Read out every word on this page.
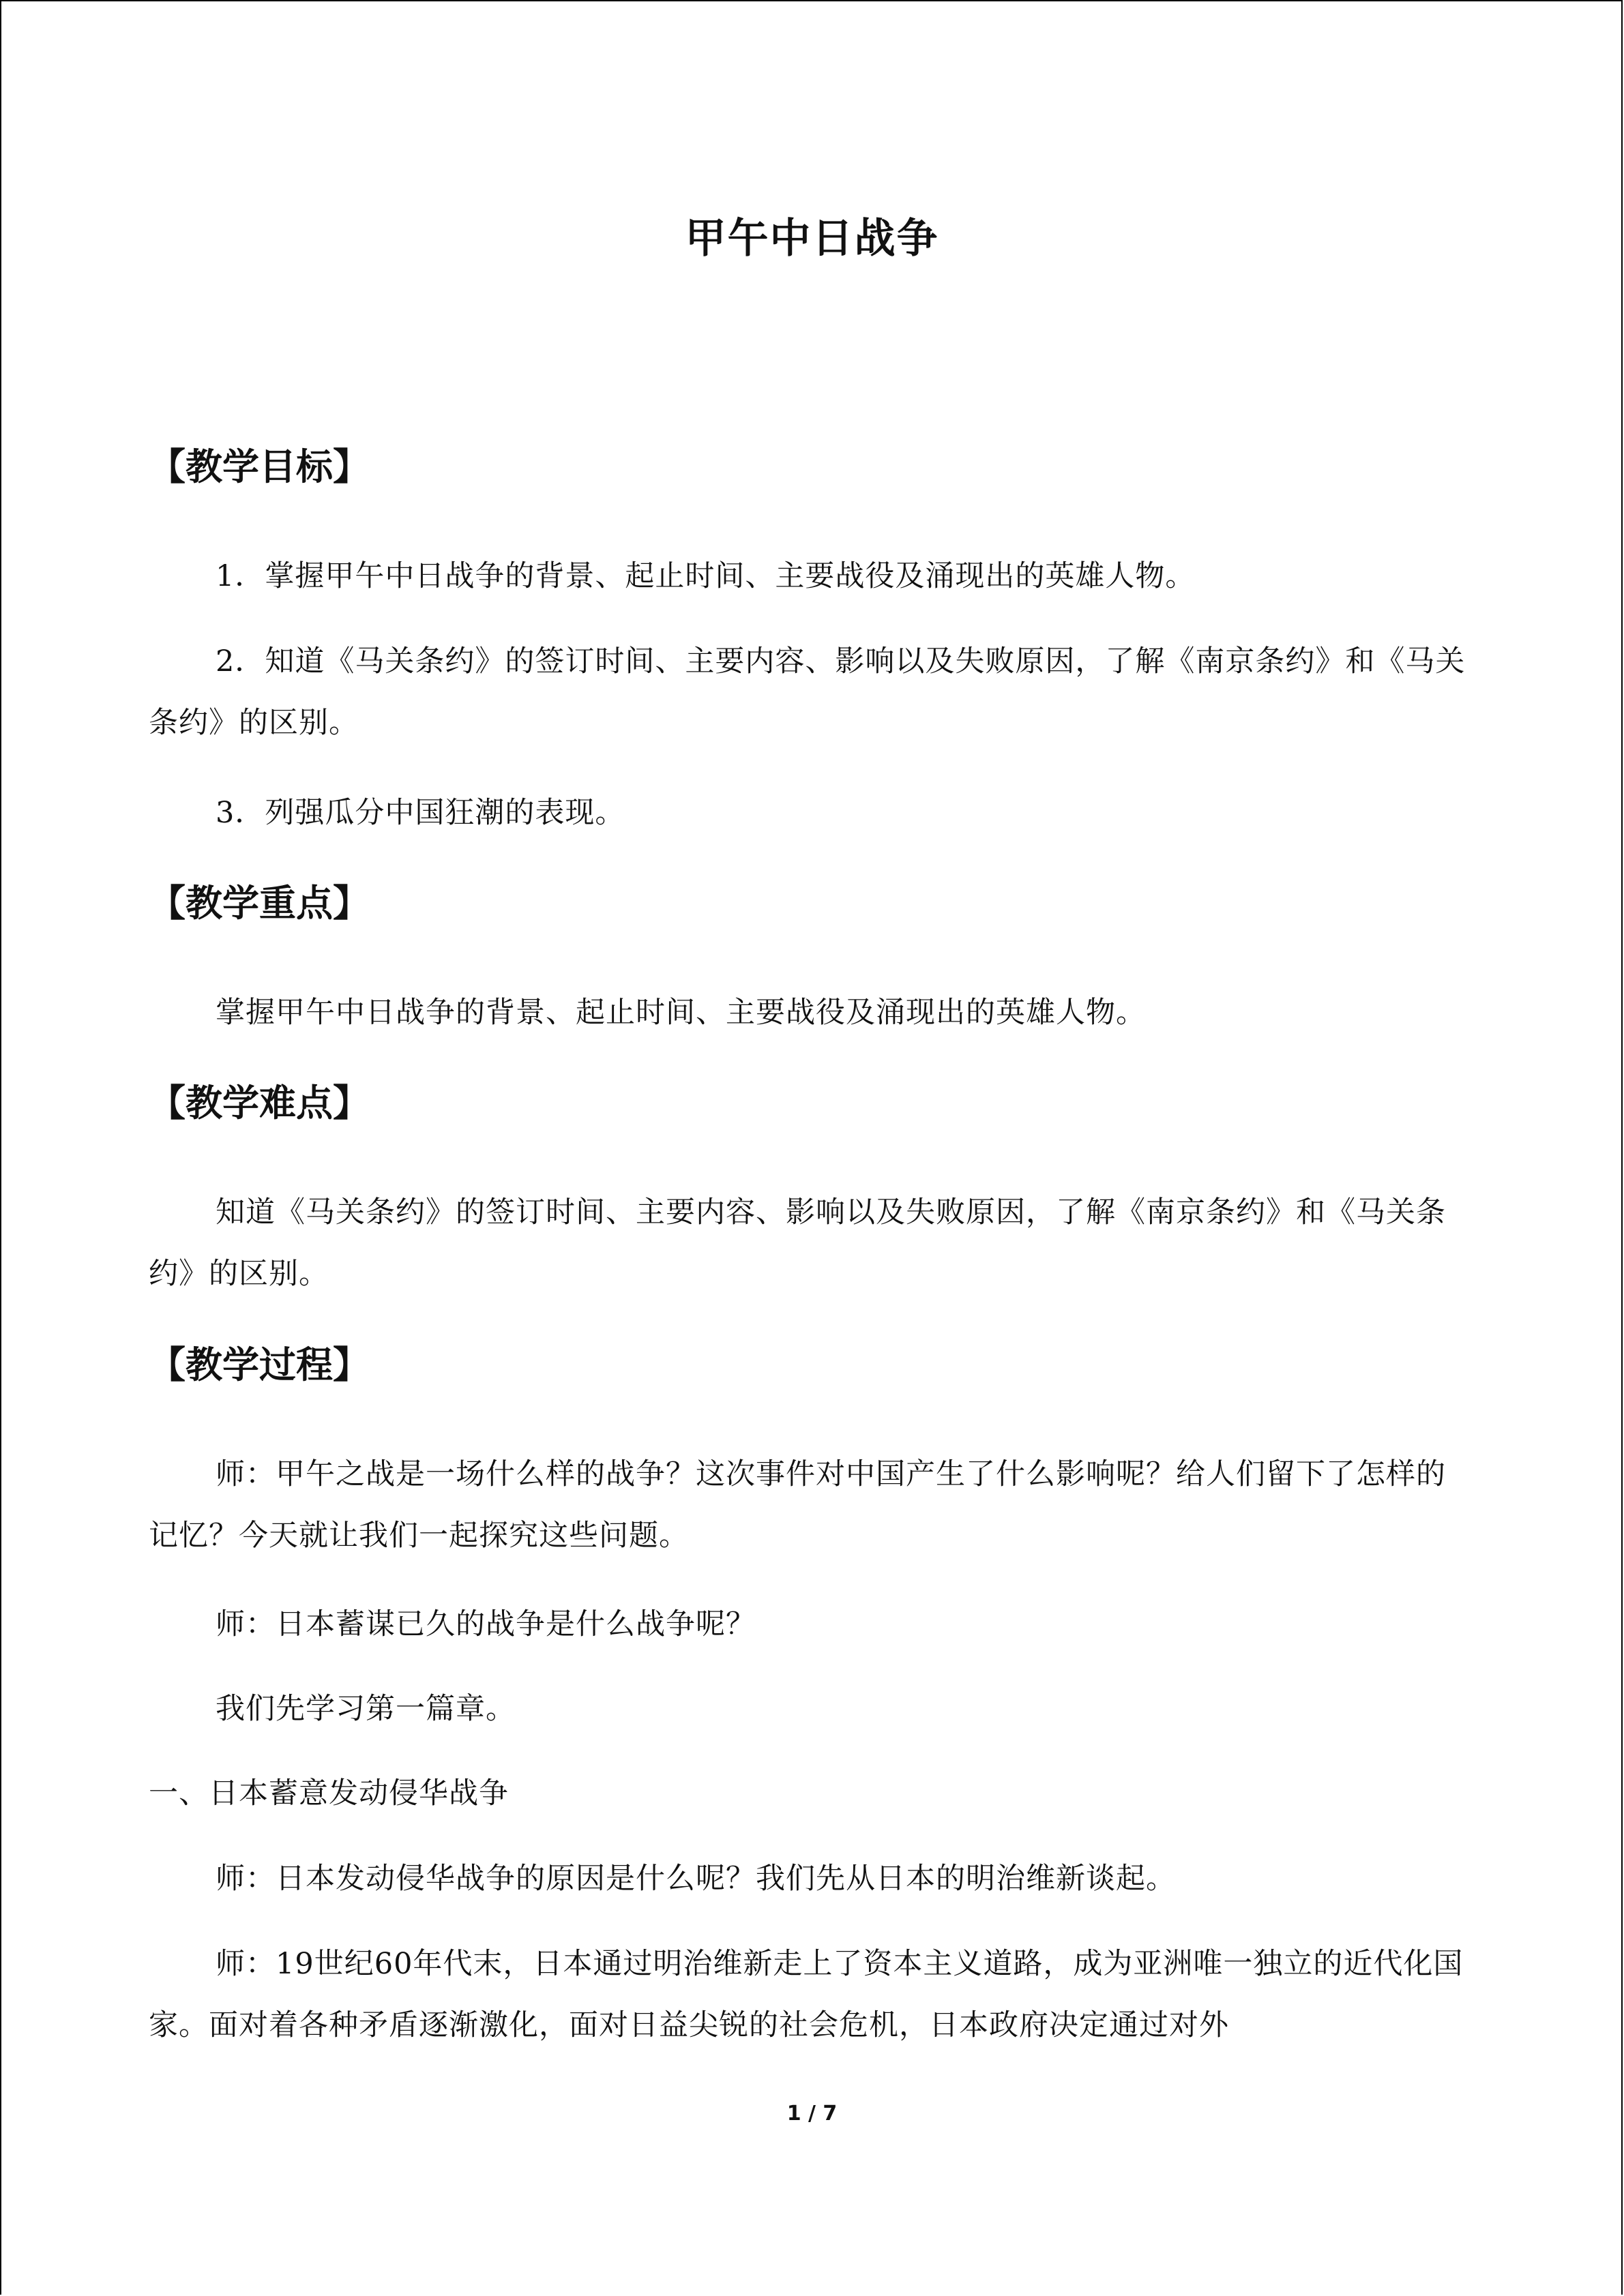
甲午中日战争
【教学目标】
1．掌握甲午中日战争的背景、起止时间、主要战役及涌现出的英雄人物。
2．知道《马关条约》的签订时间、主要内容、影响以及失败原因，了解《南京条约》和《马关条约》的区别。
3．列强瓜分中国狂潮的表现。
【教学重点】
掌握甲午中日战争的背景、起止时间、主要战役及涌现出的英雄人物。
【教学难点】
知道《马关条约》的签订时间、主要内容、影响以及失败原因，了解《南京条约》和《马关条约》的区别。
【教学过程】
师：甲午之战是一场什么样的战争？这次事件对中国产生了什么影响呢？给人们留下了怎样的记忆？今天就让我们一起探究这些问题。
师：日本蓄谋已久的战争是什么战争呢？
我们先学习第一篇章。
一、日本蓄意发动侵华战争
师：日本发动侵华战争的原因是什么呢？我们先从日本的明治维新谈起。
师：19世纪60年代末，日本通过明治维新走上了资本主义道路，成为亚洲唯一独立的近代化国家。面对着各种矛盾逐渐激化，面对日益尖锐的社会危机，日本政府决定通过对外
1 / 7
